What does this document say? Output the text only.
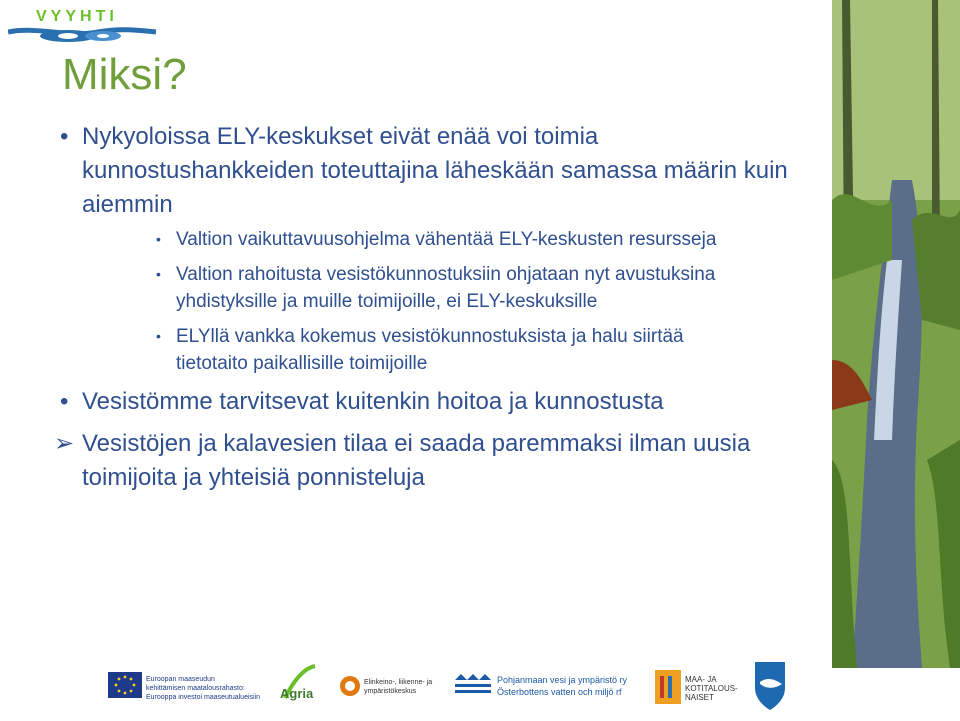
VYYHTI
Miksi?
• Nykyoloissa ELY-keskukset eivät enää voi toimia kunnostushankkeiden toteuttajina läheskään samassa määrin kuin aiemmin
• Valtion vaikuttavuusohjelma vähentää ELY-keskusten resursseja
• Valtion rahoitusta vesistökunnostuksiin ohjataan nyt avustuksina yhdistyksille ja muille toimijoille, ei ELY-keskuksille
• ELYllä vankka kokemus vesistökunnostuksista ja halu siirtää tietotaito paikallisille toimijoille
• Vesistömme tarvitsevat kuitenkin hoitoa ja kunnostusta
➢ Vesistöjen ja kalavesien tilaa ei saada paremmaksi ilman uusia toimijoita ja yhteisiä ponnisteluja
Euroopan maaseudun
kehittämisen maatalousrahasto:
Eurooppa investoi maaseutualueisiin Agria
Elinkeino-, liikenne- ja
ympäristökeskus
Pohjanmaan vesi ja ympäristö ry
Österbottens vatten och miljö rf
MAA- JA
KOTITALOUS-
NAISET
